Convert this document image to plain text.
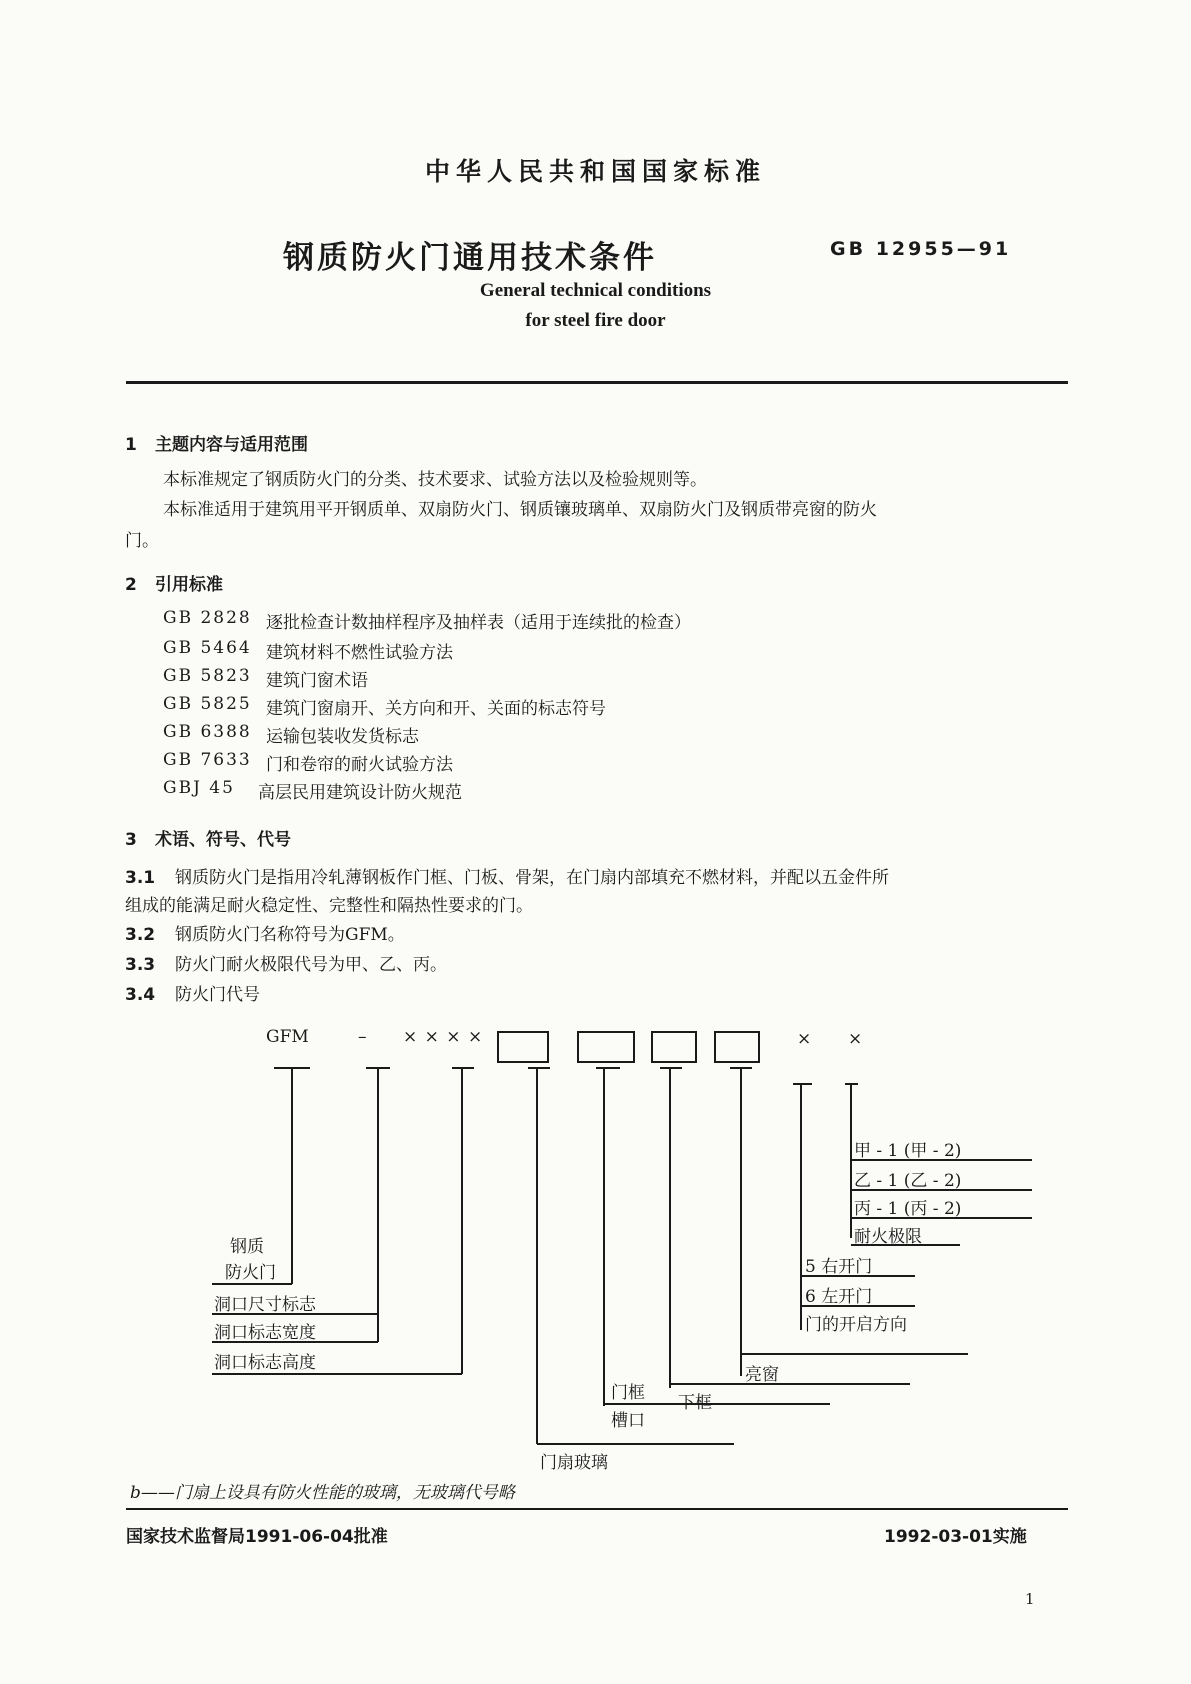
中华人民共和国国家标准
钢质防火门通用技术条件	GB 12955—91
General technical conditions
for steel fire door
1 主题内容与适用范围
本标准规定了钢质防火门的分类、技术要求、试验方法以及检验规则等。
本标准适用于建筑用平开钢质单、双扇防火门、钢质镶玻璃单、双扇防火门及钢质带亮窗的防火
门。
2 引用标准
GB 2828 逐批检查计数抽样程序及抽样表（适用于连续批的检查）
GB 5464 建筑材料不燃性试验方法
GB 5823 建筑门窗术语
GB 5825 建筑门窗扇开、关方向和开、关面的标志符号
GB 6388 运输包装收发货标志
GB 7633 门和卷帘的耐火试验方法
GBJ 45 高层民用建筑设计防火规范
3 术语、符号、代号
3.1 钢质防火门是指用冷轧薄钢板作门框、门板、骨架，在门扇内部填充不燃材料，并配以五金件所
组成的能满足耐火稳定性、完整性和隔热性要求的门。
3.2 钢质防火门名称符号为GFM。
3.3 防火门耐火极限代号为甲、乙、丙。
3.4 防火门代号
GFM	– × × × ×	× ×
甲 - 1 (甲 - 2)
乙 - 1 (乙 - 2)
丙 - 1 (丙 - 2)
耐火极限
5 右开门
6 左开门
门的开启方向
钢质
防火门
洞口尺寸标志
洞口标志宽度
洞口标志高度
门框
槽口
下框
亮窗
门扇玻璃
b——门扇上设具有防火性能的玻璃，无玻璃代号略
国家技术监督局1991-06-04批准	1992-03-01实施
1
